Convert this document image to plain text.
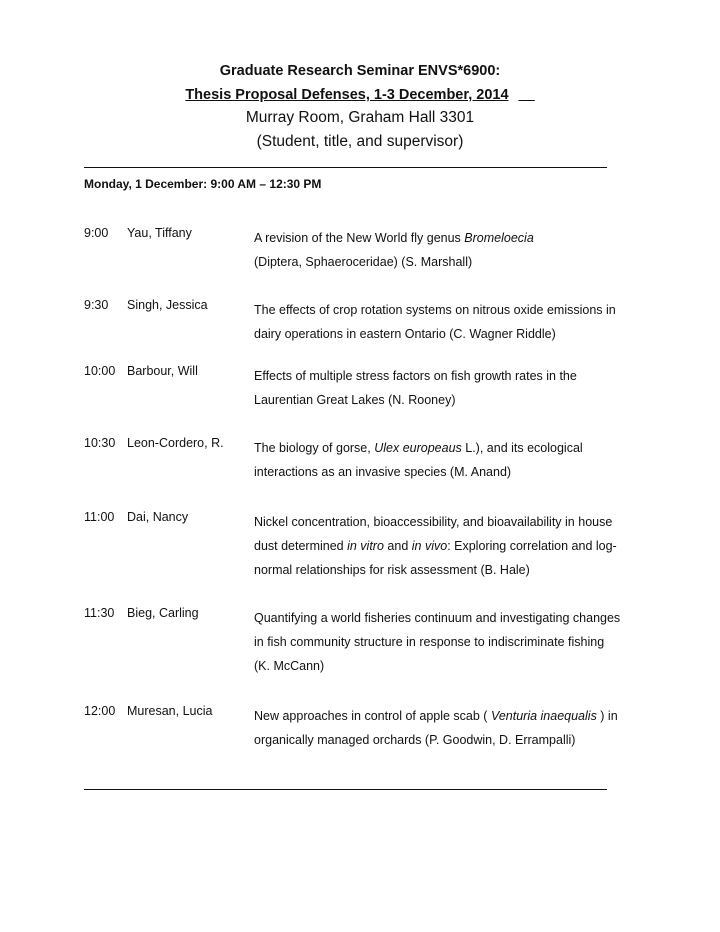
Graduate Research Seminar ENVS*6900:
Thesis Proposal Defenses, 1-3 December, 2014 __
Murray Room, Graham Hall 3301
(Student, title, and supervisor)
Monday, 1 December: 9:00 AM – 12:30 PM
9:00	Yau, Tiffany	A revision of the New World fly genus Bromeloecia
(Diptera, Sphaeroceridae) (S. Marshall)
9:30	Singh, Jessica	The effects of crop rotation systems on nitrous oxide emissions in
dairy operations in eastern Ontario (C. Wagner Riddle)
10:00 Barbour, Will	Effects of multiple stress factors on fish growth rates in the
Laurentian Great Lakes (N. Rooney)
10:30 Leon-Cordero, R.	The biology of gorse, Ulex europeaus L.), and its ecological
interactions as an invasive species (M. Anand)
11:00	Dai, Nancy	Nickel concentration, bioaccessibility, and bioavailability in house
dust determined in vitro and in vivo: Exploring correlation and log-
normal relationships for risk assessment (B. Hale)
11:30	Bieg, Carling	Quantifying a world fisheries continuum and investigating changes
in fish community structure in response to indiscriminate fishing
(K. McCann)
12:00 Muresan, Lucia	New approaches in control of apple scab ( Venturia inaequalis ) in
organically managed orchards (P. Goodwin, D. Errampalli)
